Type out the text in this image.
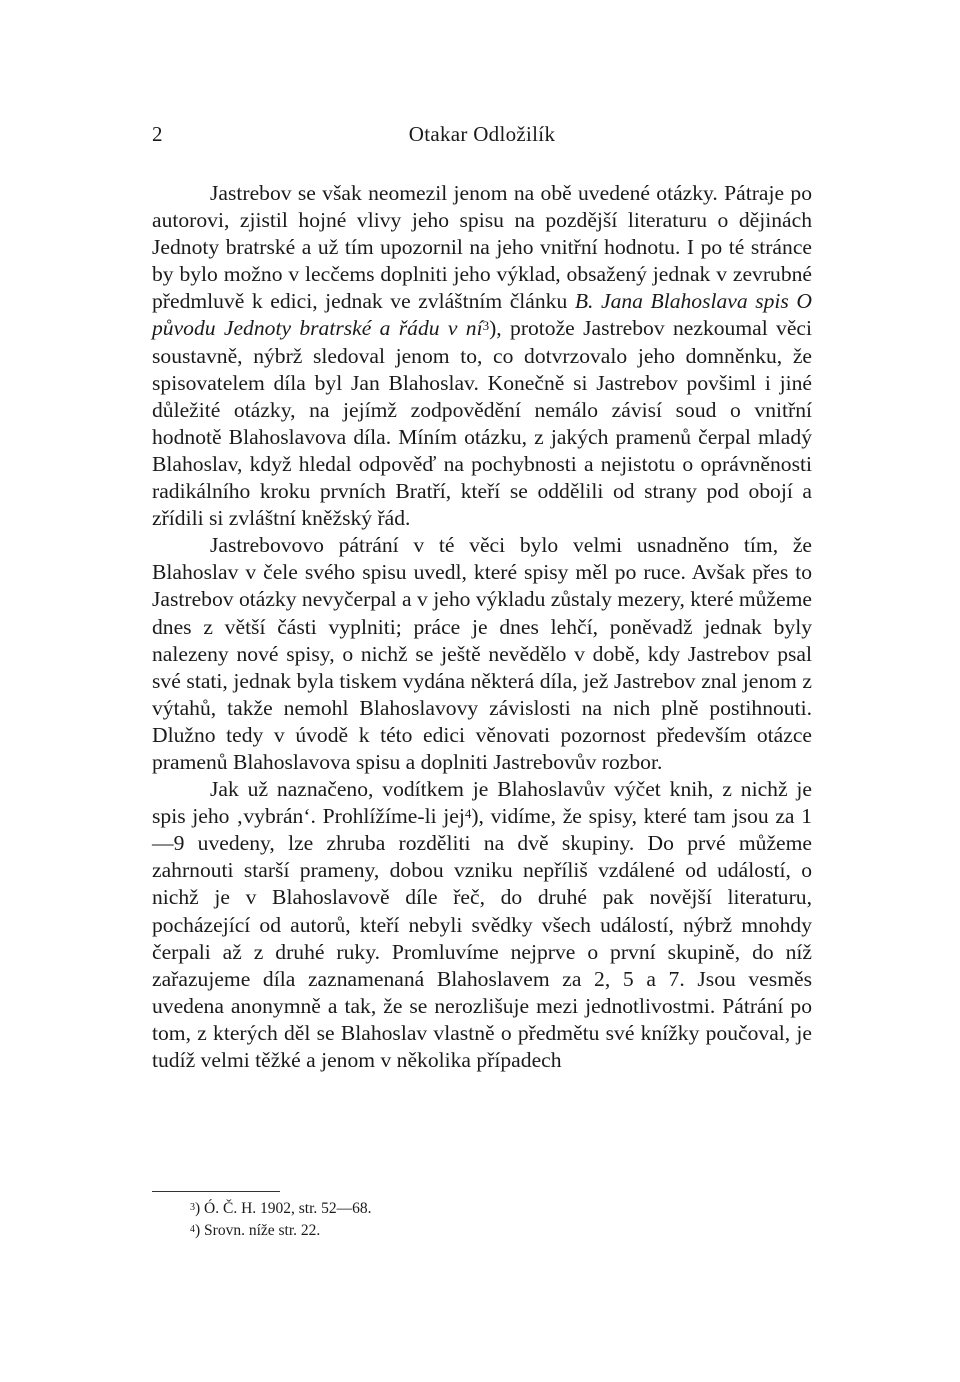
2	Otakar Odložilík

Jastrebov se však neomezil jenom na obě uvedené otázky. Pátraje po autorovi, zjistil hojné vlivy jeho spisu na pozdější literaturu o dějinách Jednoty bratrské a už tím upozornil na jeho vnitřní hodnotu. I po té stránce by bylo možno v lecčems doplniti jeho výklad, obsažený jednak v zevrubné předmluvě k edici, jednak ve zvláštním článku B. Jana Blahoslava spis O původu Jednoty bratrské a řádu v ní$^3$), protože Jastrebov nezkoumal věci soustavně, nýbrž sledoval jenom to, co dotvrzovalo jeho domněnku, že spisovatelem díla byl Jan Blahoslav. Konečně si Jastrebov povšiml i jiné důležité otázky, na jejímž zodpovědění nemálo závisí soud o vnitřní hodnotě Blahoslavova díla. Míním otázku, z jakých pramenů čerpal mladý Blahoslav, když hledal odpověď na pochybnosti a nejistotu o oprávněnosti radikálního kroku prvních Bratří, kteří se oddělili od strany pod obojí a zřídili si zvláštní kněžský řád.

Jastrebovovo pátrání v té věci bylo velmi usnadněno tím, že Blahoslav v čele svého spisu uvedl, které spisy měl po ruce. Avšak přes to Jastrebov otázky nevyčerpal a v jeho výkladu zůstaly mezery, které můžeme dnes z větší části vyplniti; práce je dnes lehčí, poněvadž jednak byly nalezeny nové spisy, o nichž se ještě nevědělo v době, kdy Jastrebov psal své stati, jednak byla tiskem vydána některá díla, jež Jastrebov znal jenom z výtahů, takže nemohl Blahoslavovy závislosti na nich plně postihnouti. Dlužno tedy v úvodě k této edici věnovati pozornost především otázce pramenů Blahoslavova spisu a doplniti Jastrebovův rozbor.

Jak už naznačeno, vodítkem je Blahoslavův výčet knih, z nichž je spis jeho ‚vybrán‘. Prohlížíme-li jej$^4$), vidíme, že spisy, které tam jsou za 1—9 uvedeny, lze zhruba rozděliti na dvě skupiny. Do prvé můžeme zahrnouti starší prameny, dobou vzniku nepříliš vzdálené od událostí, o nichž je v Blahoslavově díle řeč, do druhé pak novější literaturu, pocházející od autorů, kteří nebyli svědky všech událostí, nýbrž mnohdy čerpali až z druhé ruky. Promluvíme nejprve o první skupině, do níž zařazujeme díla zaznamenaná Blahoslavem za 2, 5 a 7. Jsou vesměs uvedena anonymně a tak, že se nerozlišuje mezi jednotlivostmi. Pátrání po tom, z kterých děl se Blahoslav vlastně o předmětu své knížky poučoval, je tudíž velmi těžké a jenom v několika případech

$^3$) Ó. Č. H. 1902, str. 52—68.
$^4$) Srovn. níže str. 22.
